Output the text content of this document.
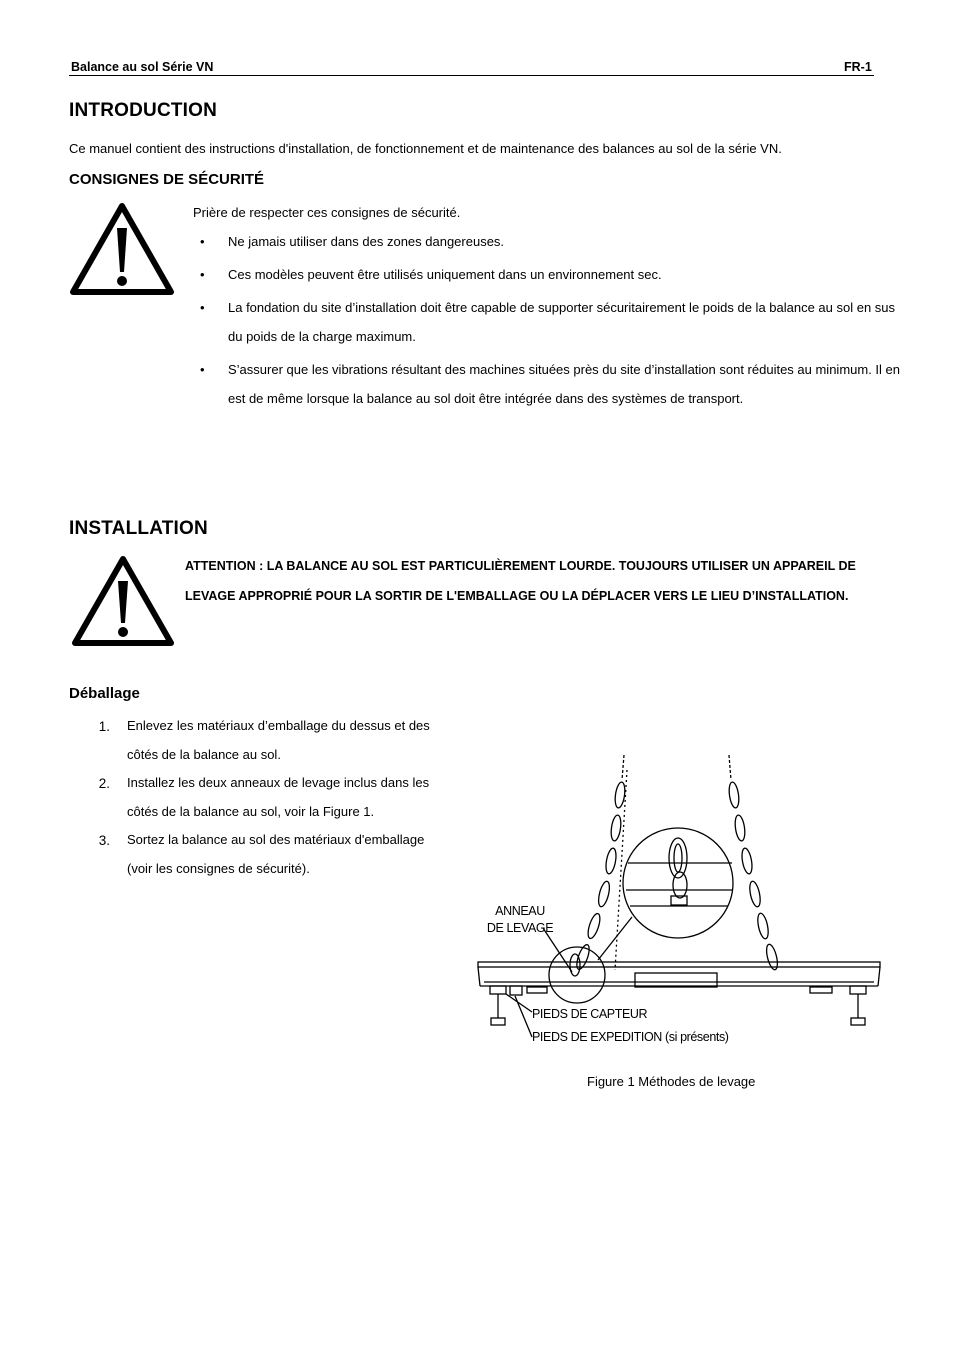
Balance au sol Série VN	FR-1
INTRODUCTION
Ce manuel contient des instructions d'installation, de fonctionnement et de maintenance des balances au sol de la série VN.
CONSIGNES DE SÉCURITÉ
Prière de respecter ces consignes de sécurité.
• Ne jamais utiliser dans des zones dangereuses.
• Ces modèles peuvent être utilisés uniquement dans un environnement sec.
• La fondation du site d’installation doit être capable de supporter sécuritairement le poids de la balance au sol en sus du poids de la charge maximum.
• S’assurer que les vibrations résultant des machines situées près du site d’installation sont réduites au minimum. Il en est de même lorsque la balance au sol doit être intégrée dans des systèmes de transport.
INSTALLATION
ATTENTION : LA BALANCE AU SOL EST PARTICULIÈREMENT LOURDE. TOUJOURS UTILISER UN APPAREIL DE LEVAGE APPROPRIÉ POUR LA SORTIR DE L'EMBALLAGE OU LA DÉPLACER VERS LE LIEU D’INSTALLATION.
Déballage
1. Enlevez les matériaux d’emballage du dessus et des côtés de la balance au sol.
2. Installez les deux anneaux de levage inclus dans les côtés de la balance au sol, voir la Figure 1.
3. Sortez la balance au sol des matériaux d'emballage (voir les consignes de sécurité).
ANNEAU DE LEVAGE
PIEDS DE CAPTEUR
PIEDS DE EXPEDITION (si présents)
Figure 1 Méthodes de levage
